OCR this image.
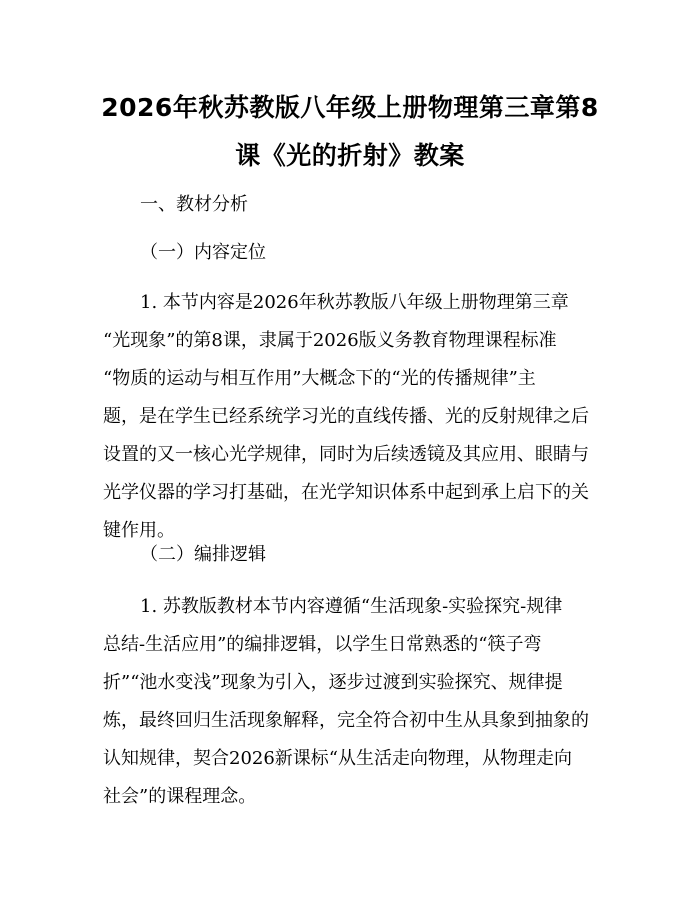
2026年秋苏教版八年级上册物理第三章第8
课《光的折射》教案
一、教材分析
（一）内容定位
1. 本节内容是2026年秋苏教版八年级上册物理第三章
“光现象”的第8课，隶属于2026版义务教育物理课程标准
“物质的运动与相互作用”大概念下的“光的传播规律”主
题，是在学生已经系统学习光的直线传播、光的反射规律之后
设置的又一核心光学规律，同时为后续透镜及其应用、眼睛与
光学仪器的学习打基础，在光学知识体系中起到承上启下的关
键作用。
（二）编排逻辑
1. 苏教版教材本节内容遵循“生活现象-实验探究-规律
总结-生活应用”的编排逻辑，以学生日常熟悉的“筷子弯
折”“池水变浅”现象为引入，逐步过渡到实验探究、规律提
炼，最终回归生活现象解释，完全符合初中生从具象到抽象的
认知规律，契合2026新课标“从生活走向物理，从物理走向
社会”的课程理念。
